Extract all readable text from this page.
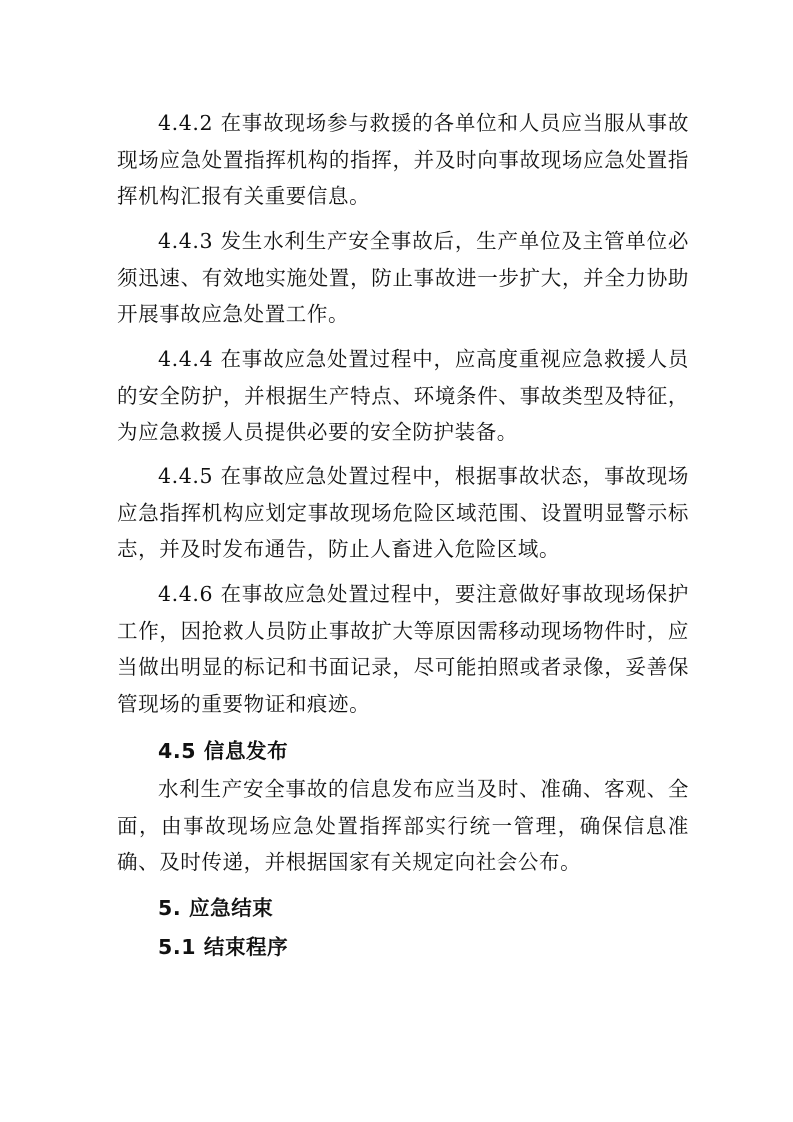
4.4.2 在事故现场参与救援的各单位和人员应当服从事故现场应急处置指挥机构的指挥，并及时向事故现场应急处置指挥机构汇报有关重要信息。

4.4.3 发生水利生产安全事故后，生产单位及主管单位必须迅速、有效地实施处置，防止事故进一步扩大，并全力协助开展事故应急处置工作。

4.4.4 在事故应急处置过程中，应高度重视应急救援人员的安全防护，并根据生产特点、环境条件、事故类型及特征，为应急救援人员提供必要的安全防护装备。

4.4.5 在事故应急处置过程中，根据事故状态，事故现场应急指挥机构应划定事故现场危险区域范围、设置明显警示标志，并及时发布通告，防止人畜进入危险区域。

4.4.6 在事故应急处置过程中，要注意做好事故现场保护工作，因抢救人员防止事故扩大等原因需移动现场物件时，应当做出明显的标记和书面记录，尽可能拍照或者录像，妥善保管现场的重要物证和痕迹。

4.5 信息发布

水利生产安全事故的信息发布应当及时、准确、客观、全面，由事故现场应急处置指挥部实行统一管理，确保信息准确、及时传递，并根据国家有关规定向社会公布。

5. 应急结束
5.1 结束程序
